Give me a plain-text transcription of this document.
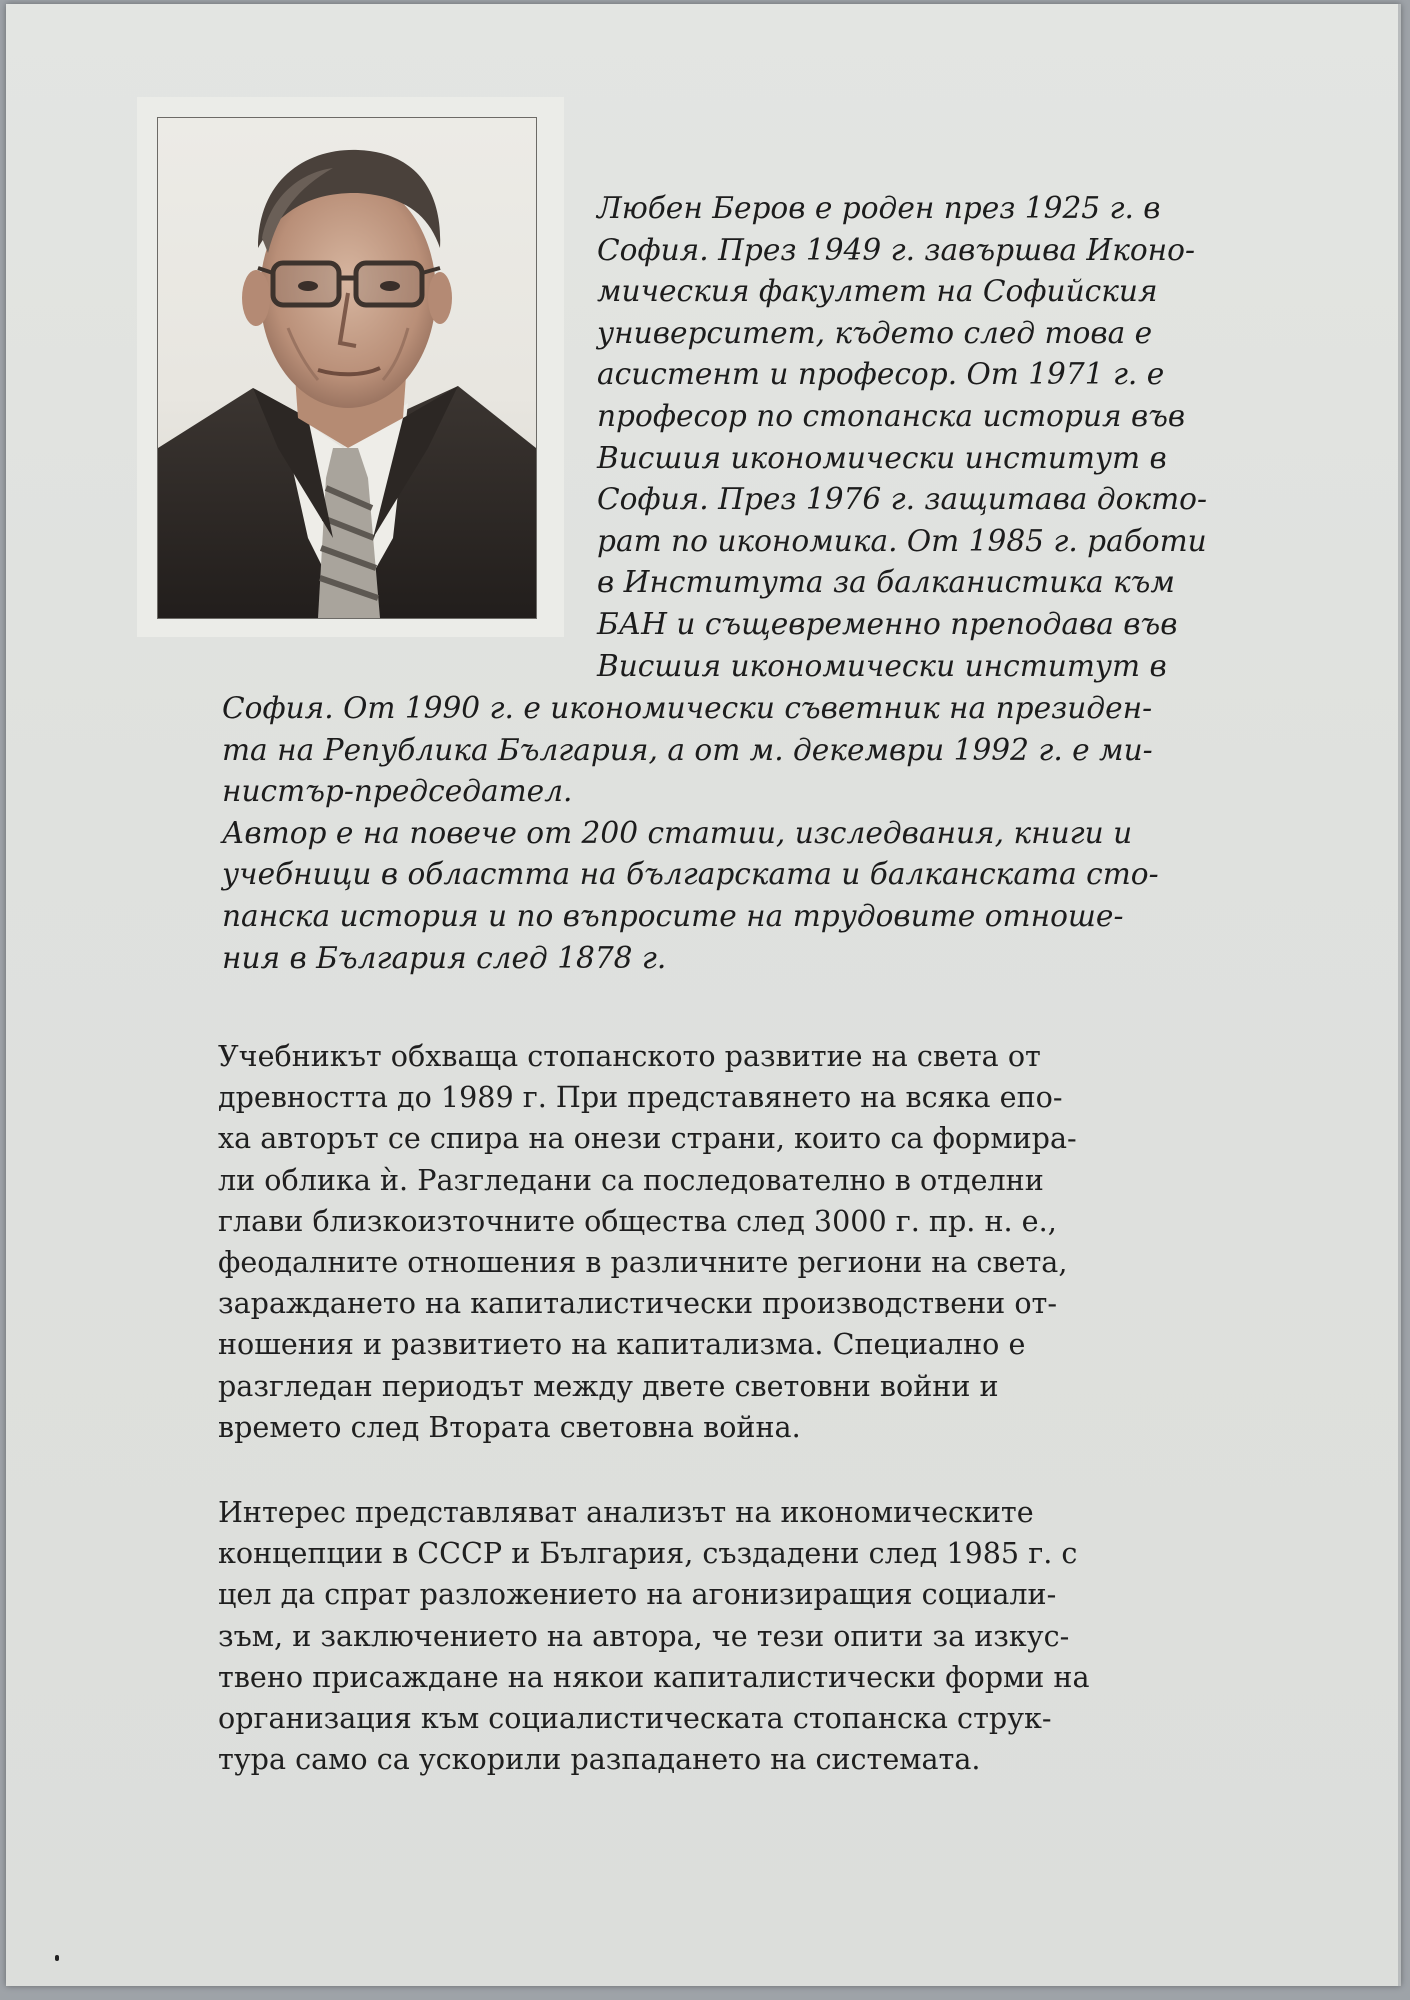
Любен Беров е роден през 1925 г. в
София. През 1949 г. завършва Иконо-
мическия факултет на Софийския
университет, където след това е
асистент и професор. От 1971 г. е
професор по стопанска история във
Висшия икономически институт в
София. През 1976 г. защитава докто-
рат по икономика. От 1985 г. работи
в Института за балканистика към
БАН и същевременно преподава във
Висшия икономически институт в
София. От 1990 г. е икономически съветник на президен-
та на Република България, а от м. декември 1992 г. е ми-
нистър-председател.
Автор е на повече от 200 статии, изследвания, книги и
учебници в областта на българската и балканската сто-
панска история и по въпросите на трудовите отноше-
ния в България след 1878 г.
Учебникът обхваща стопанското развитие на света от
древността до 1989 г. При представянето на всяка епо-
ха авторът се спира на онези страни, които са формира-
ли облика ѝ. Разгледани са последователно в отделни
глави близкоизточните общества след 3000 г. пр. н. е.,
феодалните отношения в различните региони на света,
зараждането на капиталистически производствени от-
ношения и развитието на капитализма. Специално е
разгледан периодът между двете световни войни и
времето след Втората световна война.
Интерес представляват анализът на икономическите
концепции в СССР и България, създадени след 1985 г. с
цел да спрат разложението на агонизиращия социали-
зъм, и заключението на автора, че тези опити за изкус-
твено присаждане на някои капиталистически форми на
организация към социалистическата стопанска струк-
тура само са ускорили разпадането на системата.
